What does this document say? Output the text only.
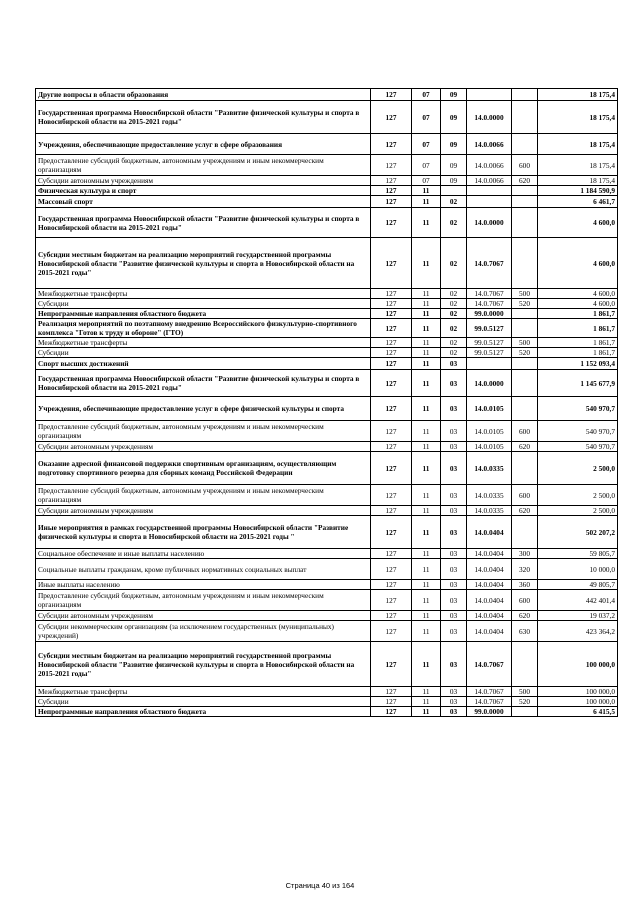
Другие вопросы в области образования	127	07	09			18 175,4
Государственная программа Новосибирской области "Развитие физической культуры и спорта в Новосибирской области на 2015-2021 годы"	127	07	09	14.0.0000		18 175,4
Учреждения, обеспечивающие предоставление услуг в сфере образования	127	07	09	14.0.0066		18 175,4
Предоставление субсидий бюджетным, автономным учреждениям и иным некоммерческим организациям	127	07	09	14.0.0066	600	18 175,4
Субсидии автономным учреждениям	127	07	09	14.0.0066	620	18 175,4
Физическая культура и спорт	127	11				1 184 590,9
Массовый спорт	127	11	02			6 461,7
Государственная программа Новосибирской области "Развитие физической культуры и спорта в Новосибирской области на 2015-2021 годы"	127	11	02	14.0.0000		4 600,0
Субсидии местным бюджетам на реализацию мероприятий государственной программы Новосибирской области "Развитие физической культуры и спорта в Новосибирской области на 2015-2021 годы"	127	11	02	14.0.7067		4 600,0
Межбюджетные трансферты	127	11	02	14.0.7067	500	4 600,0
Субсидии	127	11	02	14.0.7067	520	4 600,0
Непрограммные направления областного бюджета	127	11	02	99.0.0000		1 861,7
Реализация мероприятий по поэтапному внедрению Всероссийского физкультурно-спортивного комплекса "Готов к труду и обороне" (ГТО)	127	11	02	99.0.5127		1 861,7
Межбюджетные трансферты	127	11	02	99.0.5127	500	1 861,7
Субсидии	127	11	02	99.0.5127	520	1 861,7
Спорт высших достижений	127	11	03			1 152 093,4
Государственная программа Новосибирской области "Развитие физической культуры и спорта в Новосибирской области на 2015-2021 годы"	127	11	03	14.0.0000		1 145 677,9
Учреждения, обеспечивающие предоставление услуг в сфере физической культуры и спорта	127	11	03	14.0.0105		540 970,7
Предоставление субсидий бюджетным, автономным учреждениям и иным некоммерческим организациям	127	11	03	14.0.0105	600	540 970,7
Субсидии автономным учреждениям	127	11	03	14.0.0105	620	540 970,7
Оказание адресной финансовой поддержки спортивным организациям, осуществляющим подготовку спортивного резерва для сборных команд Российской Федерации	127	11	03	14.0.0335		2 500,0
Предоставление субсидий бюджетным, автономным учреждениям и иным некоммерческим организациям	127	11	03	14.0.0335	600	2 500,0
Субсидии автономным учреждениям	127	11	03	14.0.0335	620	2 500,0
Иные мероприятия в рамках государственной программы Новосибирской области "Развитие физической культуры и спорта в Новосибирской области на 2015-2021 годы "	127	11	03	14.0.0404		502 207,2
Социальное обеспечение и иные выплаты населению	127	11	03	14.0.0404	300	59 805,7
Социальные выплаты гражданам, кроме публичных нормативных социальных выплат	127	11	03	14.0.0404	320	10 000,0
Иные выплаты населению	127	11	03	14.0.0404	360	49 805,7
Предоставление субсидий бюджетным, автономным учреждениям и иным некоммерческим организациям	127	11	03	14.0.0404	600	442 401,4
Субсидии автономным учреждениям	127	11	03	14.0.0404	620	19 037,2
Субсидии некоммерческим организациям (за исключением государственных (муниципальных) учреждений)	127	11	03	14.0.0404	630	423 364,2
Субсидии местным бюджетам на реализацию мероприятий государственной программы Новосибирской области "Развитие физической культуры и спорта в Новосибирской области на 2015-2021 годы"	127	11	03	14.0.7067		100 000,0
Межбюджетные трансферты	127	11	03	14.0.7067	500	100 000,0
Субсидии	127	11	03	14.0.7067	520	100 000,0
Непрограммные направления областного бюджета	127	11	03	99.0.0000		6 415,5
Страница 40 из 164
